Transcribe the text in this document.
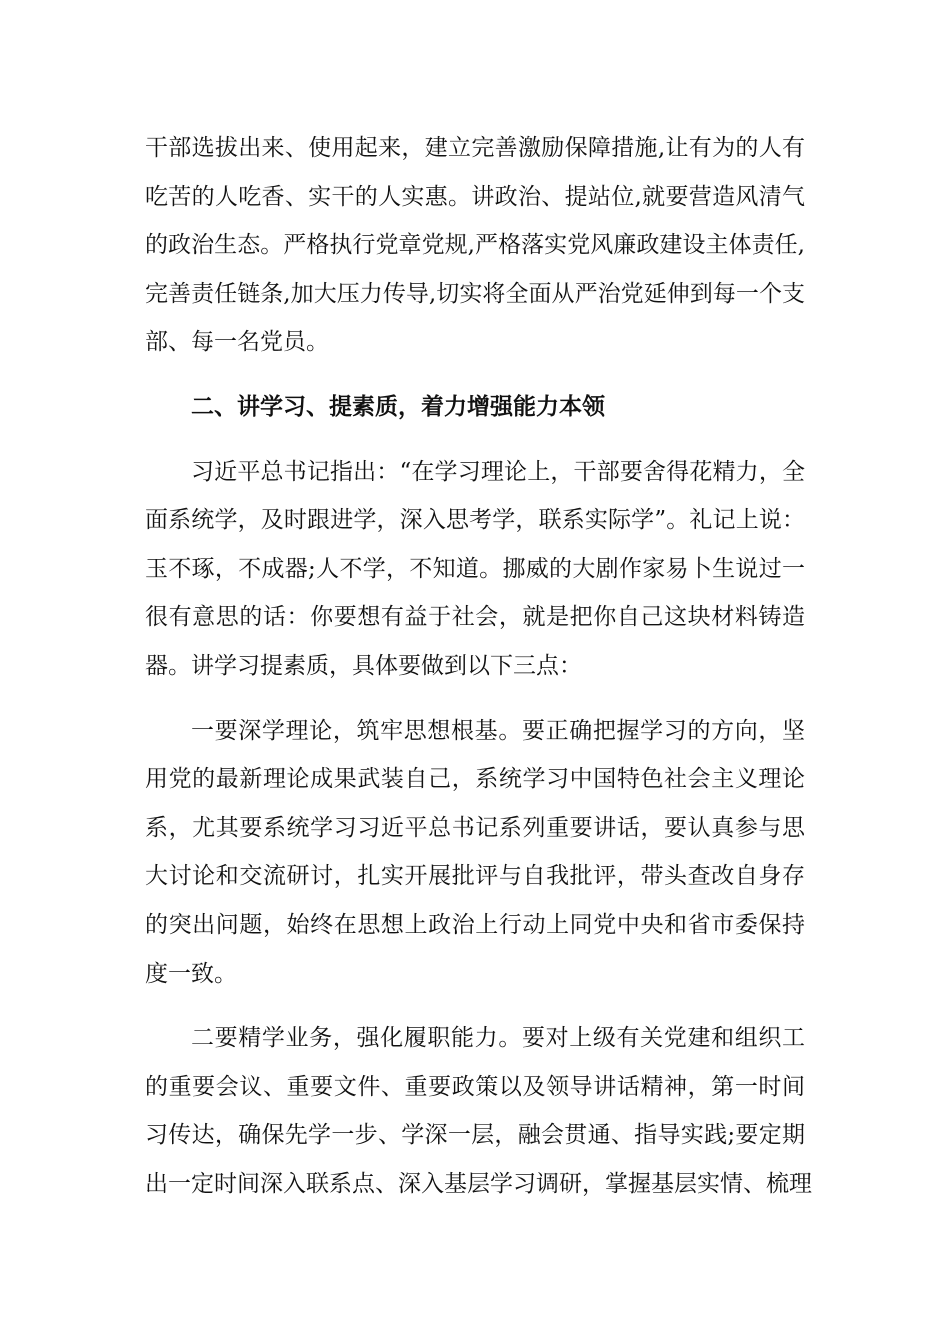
干部选拔出来、使用起来，建立完善激励保障措施,让有为的人有
吃苦的人吃香、实干的人实惠。讲政治、提站位,就要营造风清气
的政治生态。严格执行党章党规,严格落实党风廉政建设主体责任,
完善责任链条,加大压力传导,切实将全面从严治党延伸到每一个支
部、每一名党员。
二、讲学习、提素质，着力增强能力本领
习近平总书记指出：“在学习理论上，干部要舍得花精力，全
面系统学，及时跟进学，深入思考学，联系实际学”。礼记上说：
玉不琢，不成器;人不学，不知道。挪威的大剧作家易卜生说过一
很有意思的话：你要想有益于社会，就是把你自己这块材料铸造
器。讲学习提素质，具体要做到以下三点：
一要深学理论，筑牢思想根基。要正确把握学习的方向，坚
用党的最新理论成果武装自己，系统学习中国特色社会主义理论
系，尤其要系统学习习近平总书记系列重要讲话，要认真参与思
大讨论和交流研讨，扎实开展批评与自我批评，带头查改自身存
的突出问题，始终在思想上政治上行动上同党中央和省市委保持
度一致。
二要精学业务，强化履职能力。要对上级有关党建和组织工
的重要会议、重要文件、重要政策以及领导讲话精神，第一时间
习传达，确保先学一步、学深一层，融会贯通、指导实践;要定期
出一定时间深入联系点、深入基层学习调研，掌握基层实情、梳理
